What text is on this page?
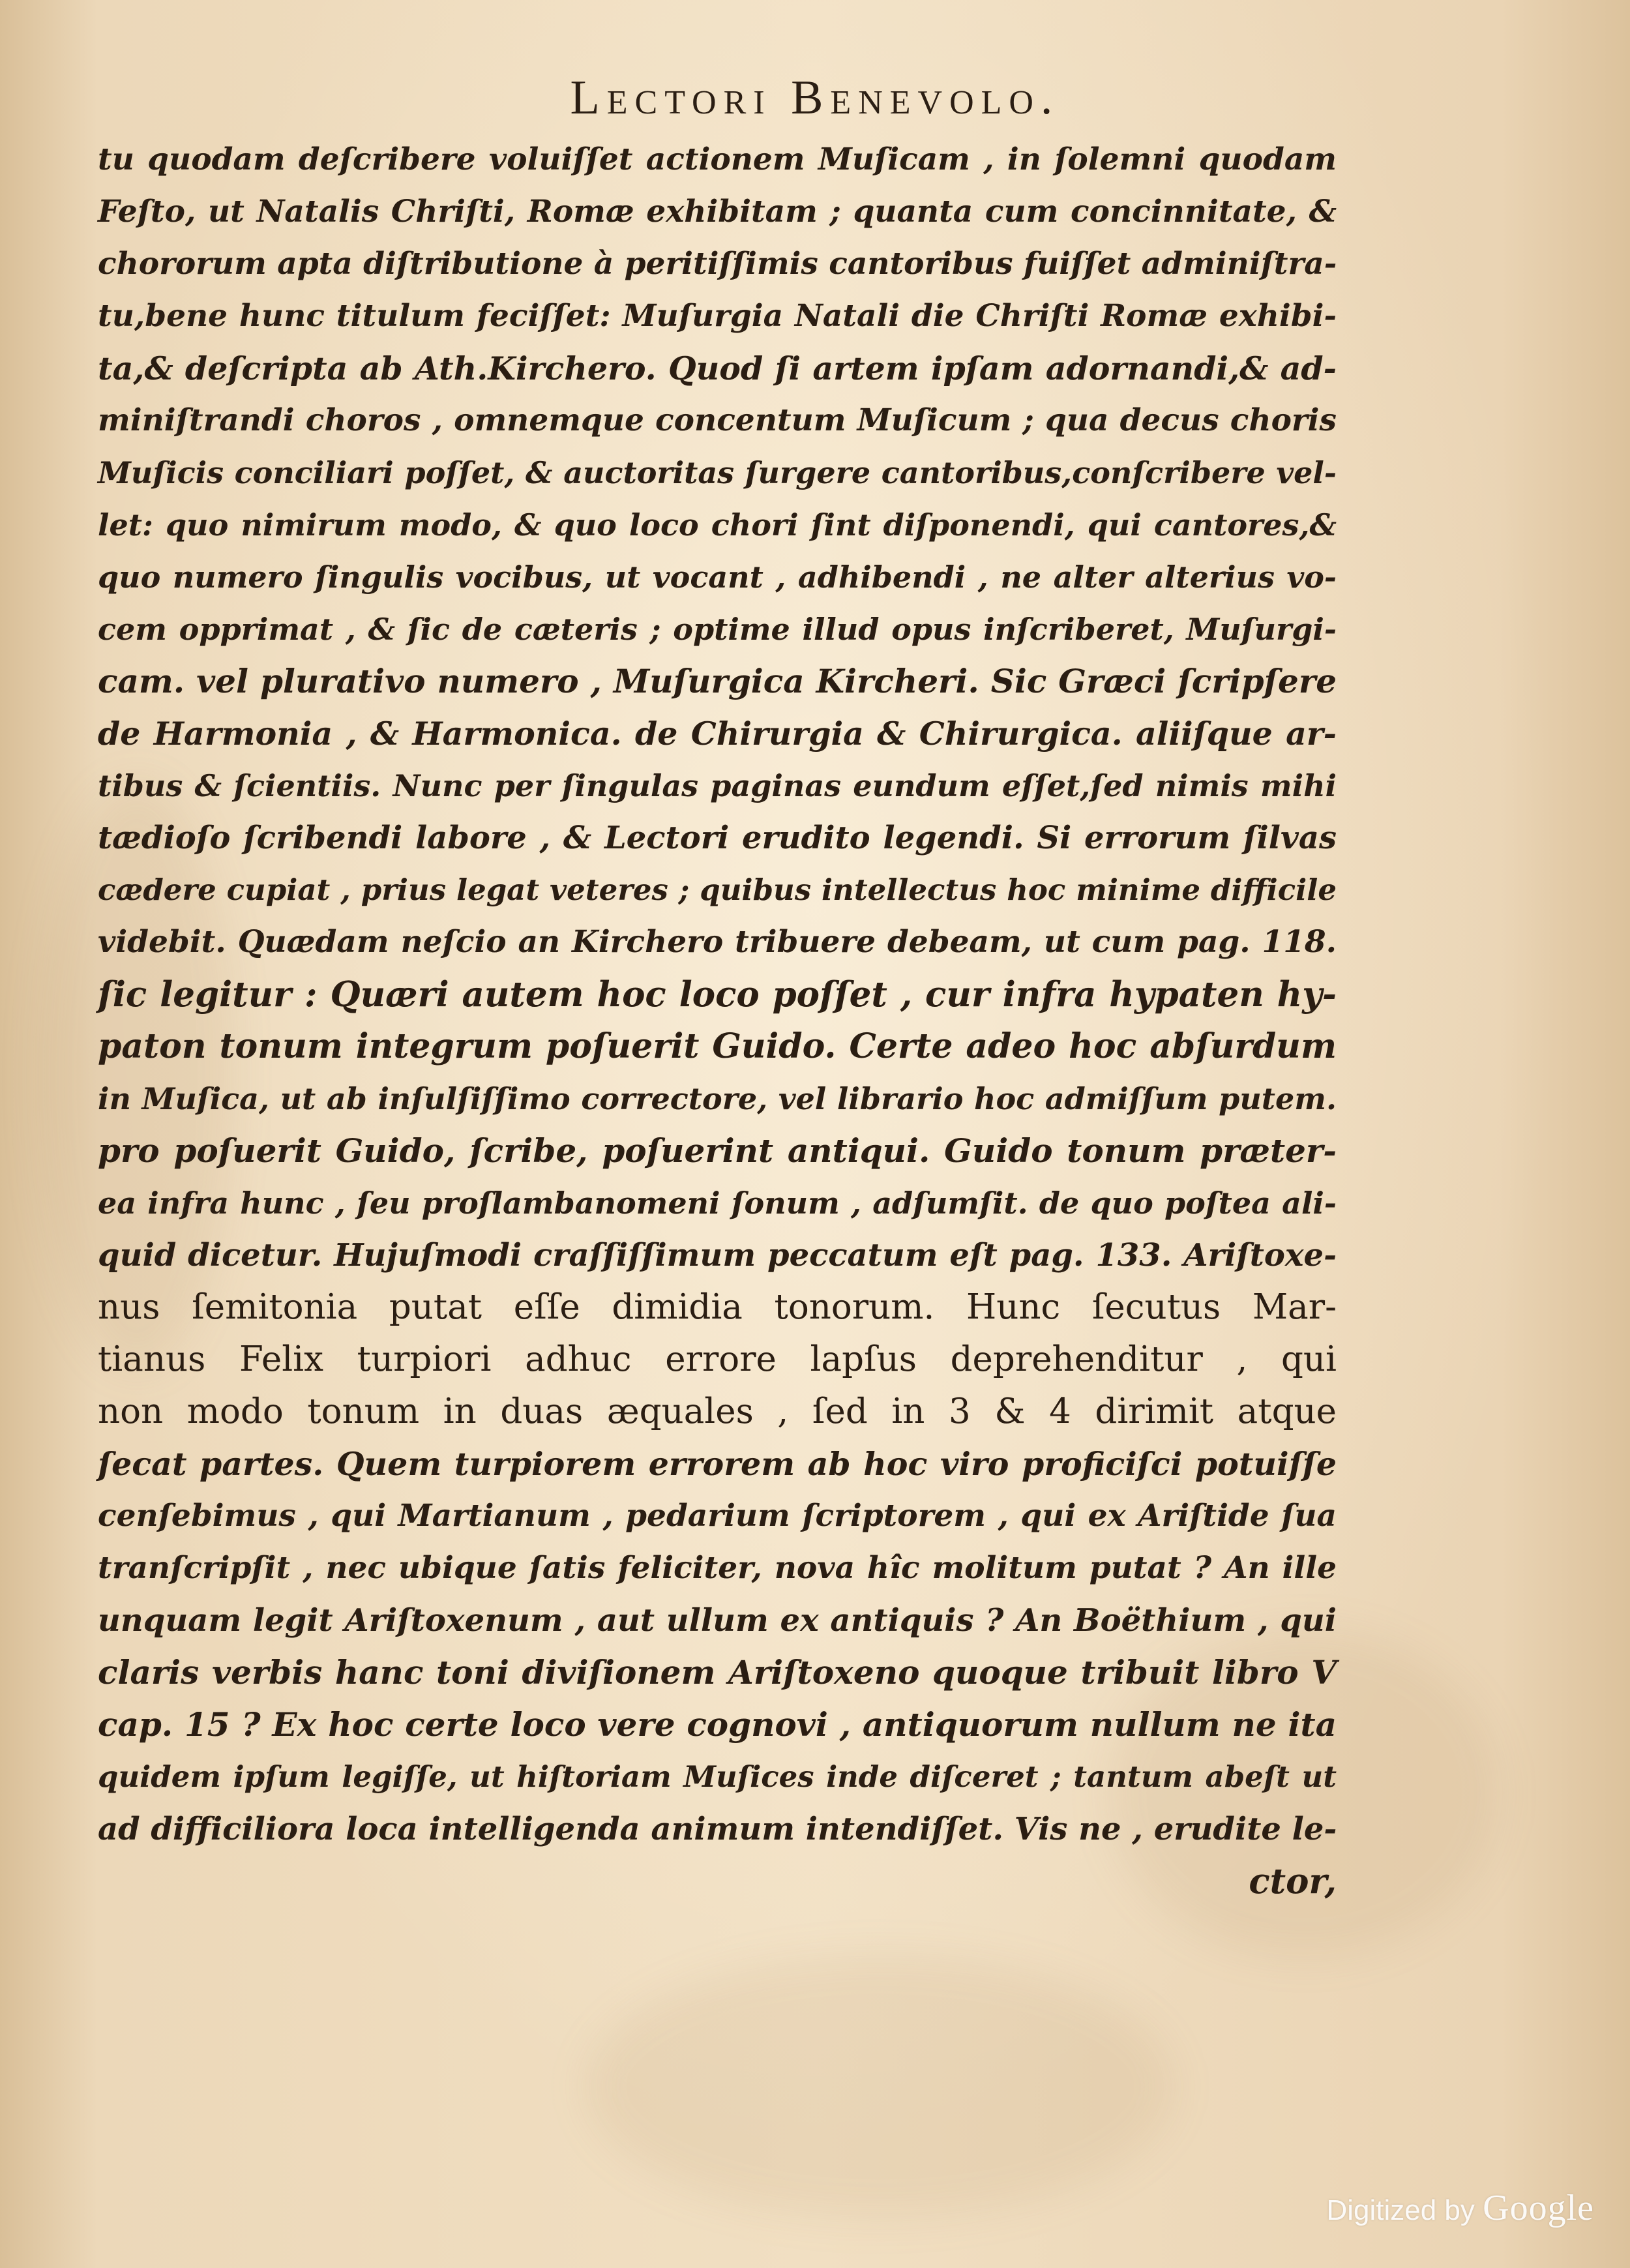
Lectori Benevolo.
tu quodam deſcribere voluiſſet actionem Muſicam , in ſolemni quodam
Feſto, ut Natalis Chriſti, Romæ exhibitam ; quanta cum concinnitate, &
chororum apta diſtributione à peritiſſimis cantoribus fuiſſet adminiſtra-
tu,bene hunc titulum feciſſet: Muſurgia Natali die Chriſti Romæ exhibi-
ta,& deſcripta ab Ath.Kirchero. Quod ſi artem ipſam adornandi,& ad-
miniſtrandi choros , omnemque concentum Muſicum ; qua decus choris
Muſicis conciliari poſſet, & auctoritas ſurgere cantoribus,conſcribere vel-
let: quo nimirum modo, & quo loco chori ſint diſponendi, qui cantores,&
quo numero ſingulis vocibus, ut vocant , adhibendi , ne alter alterius vo-
cem opprimat , & ſic de cæteris ; optime illud opus inſcriberet, Muſurgi-
cam. vel plurativo numero , Muſurgica Kircheri. Sic Græci ſcripſere
de Harmonia , & Harmonica. de Chirurgia & Chirurgica. aliiſque ar-
tibus & ſcientiis. Nunc per ſingulas paginas eundum eſſet,ſed nimis mihi
tædioſo ſcribendi labore , & Lectori erudito legendi. Si errorum ſilvas
cædere cupiat , prius legat veteres ; quibus intellectus hoc minime difficile
videbit. Quædam neſcio an Kirchero tribuere debeam, ut cum pag. 118.
ſic legitur : Quæri autem hoc loco poſſet , cur infra hypaten hy-
paton tonum integrum poſuerit Guido. Certe adeo hoc abſurdum
in Muſica, ut ab inſulſiſſimo correctore, vel librario hoc admiſſum putem.
pro poſuerit Guido, ſcribe, poſuerint antiqui. Guido tonum præter-
ea infra hunc , ſeu proſlambanomeni ſonum , adſumſit. de quo poſtea ali-
quid dicetur. Hujuſmodi craſſiſſimum peccatum eſt pag. 133. Ariſtoxe-
nus ſemitonia putat eſſe dimidia tonorum. Hunc ſecutus Mar-
tianus Felix turpiori adhuc errore lapſus deprehenditur , qui
non modo tonum in duas æquales , ſed in 3 & 4 dirimit atque
ſecat partes. Quem turpiorem errorem ab hoc viro proficiſci potuiſſe
cenſebimus , qui Martianum , pedarium ſcriptorem , qui ex Ariſtide ſua
tranſcripſit , nec ubique ſatis feliciter, nova hîc molitum putat ? An ille
unquam legit Ariſtoxenum , aut ullum ex antiquis ? An Boëthium , qui
claris verbis hanc toni diviſionem Ariſtoxeno quoque tribuit libro V
cap. 15 ? Ex hoc certe loco vere cognovi , antiquorum nullum ne ita
quidem ipſum legiſſe, ut hiſtoriam Muſices inde diſceret ; tantum abeſt ut
ad difficiliora loca intelligenda animum intendiſſet. Vis ne , erudite le-
ctor,

Digitized by Google
